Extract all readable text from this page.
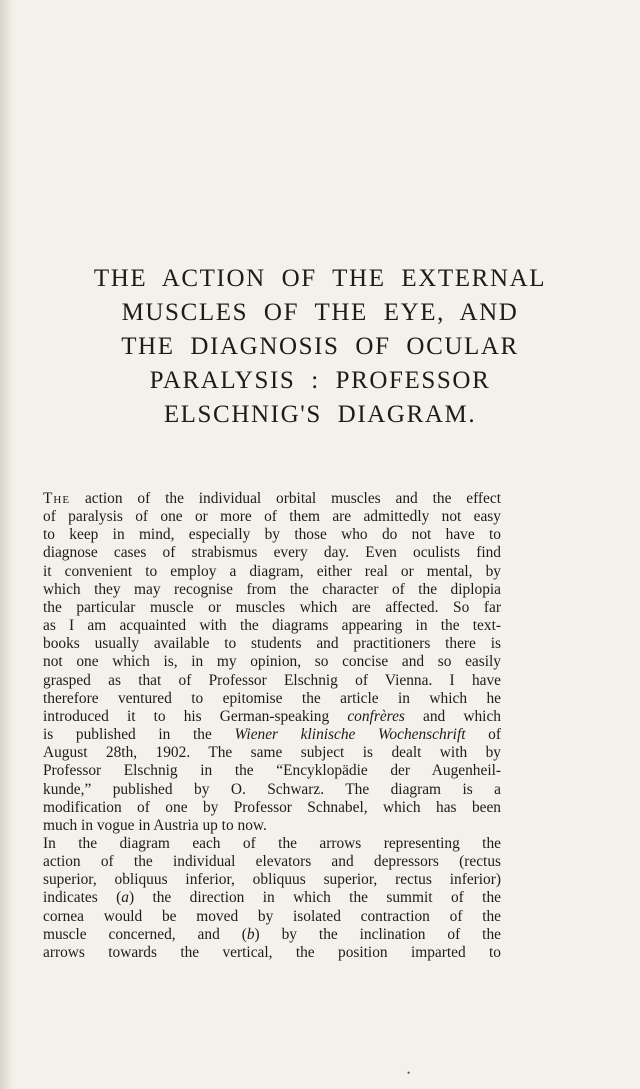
THE ACTION OF THE EXTERNAL
MUSCLES OF THE EYE, AND
THE DIAGNOSIS OF OCULAR
PARALYSIS : PROFESSOR
ELSCHNIG'S DIAGRAM.
The action of the individual orbital muscles and the effect
of paralysis of one or more of them are admittedly not easy
to keep in mind, especially by those who do not have to
diagnose cases of strabismus every day. Even oculists find
it convenient to employ a diagram, either real or mental, by
which they may recognise from the character of the diplopia
the particular muscle or muscles which are affected. So far
as I am acquainted with the diagrams appearing in the text-
books usually available to students and practitioners there is
not one which is, in my opinion, so concise and so easily
grasped as that of Professor Elschnig of Vienna. I have
therefore ventured to epitomise the article in which he
introduced it to his German-speaking confrères and which
is published in the Wiener klinische Wochenschrift of
August 28th, 1902. The same subject is dealt with by
Professor Elschnig in the “Encyklopädie der Augenheil-
kunde,” published by O. Schwarz. The diagram is a
modification of one by Professor Schnabel, which has been
much in vogue in Austria up to now.
In the diagram each of the arrows representing the
action of the individual elevators and depressors (rectus
superior, obliquus inferior, obliquus superior, rectus inferior)
indicates (a) the direction in which the summit of the
cornea would be moved by isolated contraction of the
muscle concerned, and (b) by the inclination of the
arrows towards the vertical, the position imparted to
•
